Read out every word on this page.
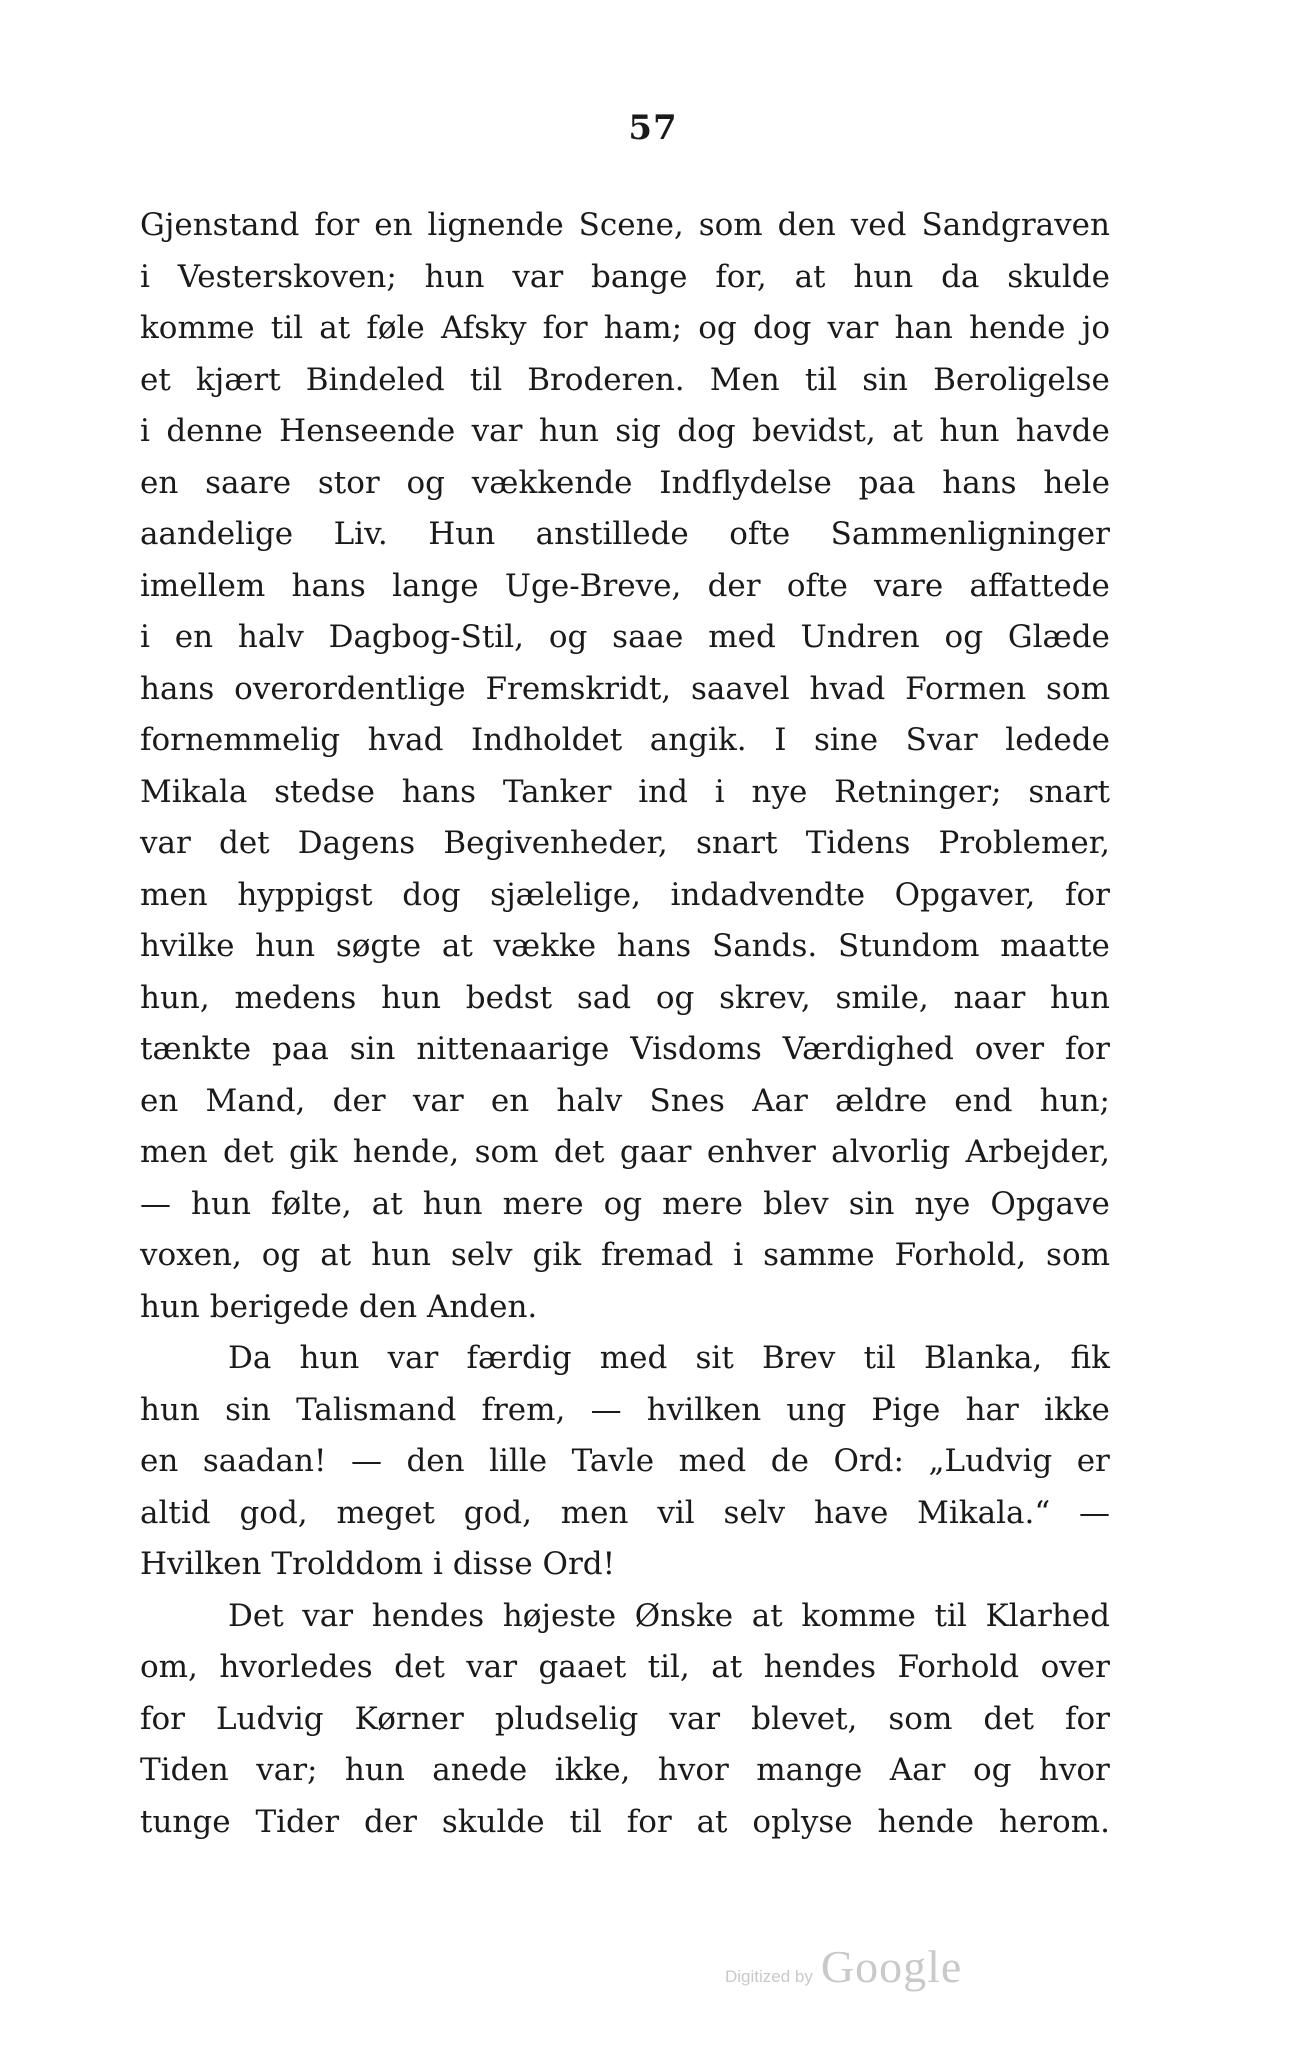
57
Gjenstand for en lignende Scene, som den ved Sandgraven
i Vesterskoven; hun var bange for, at hun da skulde
komme til at føle Afsky for ham; og dog var han hende jo
et kjært Bindeled til Broderen. Men til sin Beroligelse
i denne Henseende var hun sig dog bevidst, at hun havde
en saare stor og vækkende Indflydelse paa hans hele
aandelige Liv. Hun anstillede ofte Sammenligninger
imellem hans lange Uge-Breve, der ofte vare affattede
i en halv Dagbog-Stil, og saae med Undren og Glæde
hans overordentlige Fremskridt, saavel hvad Formen som
fornemmelig hvad Indholdet angik. I sine Svar ledede
Mikala stedse hans Tanker ind i nye Retninger; snart
var det Dagens Begivenheder, snart Tidens Problemer,
men hyppigst dog sjælelige, indadvendte Opgaver, for
hvilke hun søgte at vække hans Sands. Stundom maatte
hun, medens hun bedst sad og skrev, smile, naar hun
tænkte paa sin nittenaarige Visdoms Værdighed over for
en Mand, der var en halv Snes Aar ældre end hun;
men det gik hende, som det gaar enhver alvorlig Arbejder,
— hun følte, at hun mere og mere blev sin nye Opgave
voxen, og at hun selv gik fremad i samme Forhold, som
hun berigede den Anden.
Da hun var færdig med sit Brev til Blanka, fik
hun sin Talismand frem, — hvilken ung Pige har ikke
en saadan! — den lille Tavle med de Ord: „Ludvig er
altid god, meget god, men vil selv have Mikala.“ —
Hvilken Trolddom i disse Ord!
Det var hendes højeste Ønske at komme til Klarhed
om, hvorledes det var gaaet til, at hendes Forhold over
for Ludvig Kørner pludselig var blevet, som det for
Tiden var; hun anede ikke, hvor mange Aar og hvor
tunge Tider der skulde til for at oplyse hende herom.
Digitized by Google
